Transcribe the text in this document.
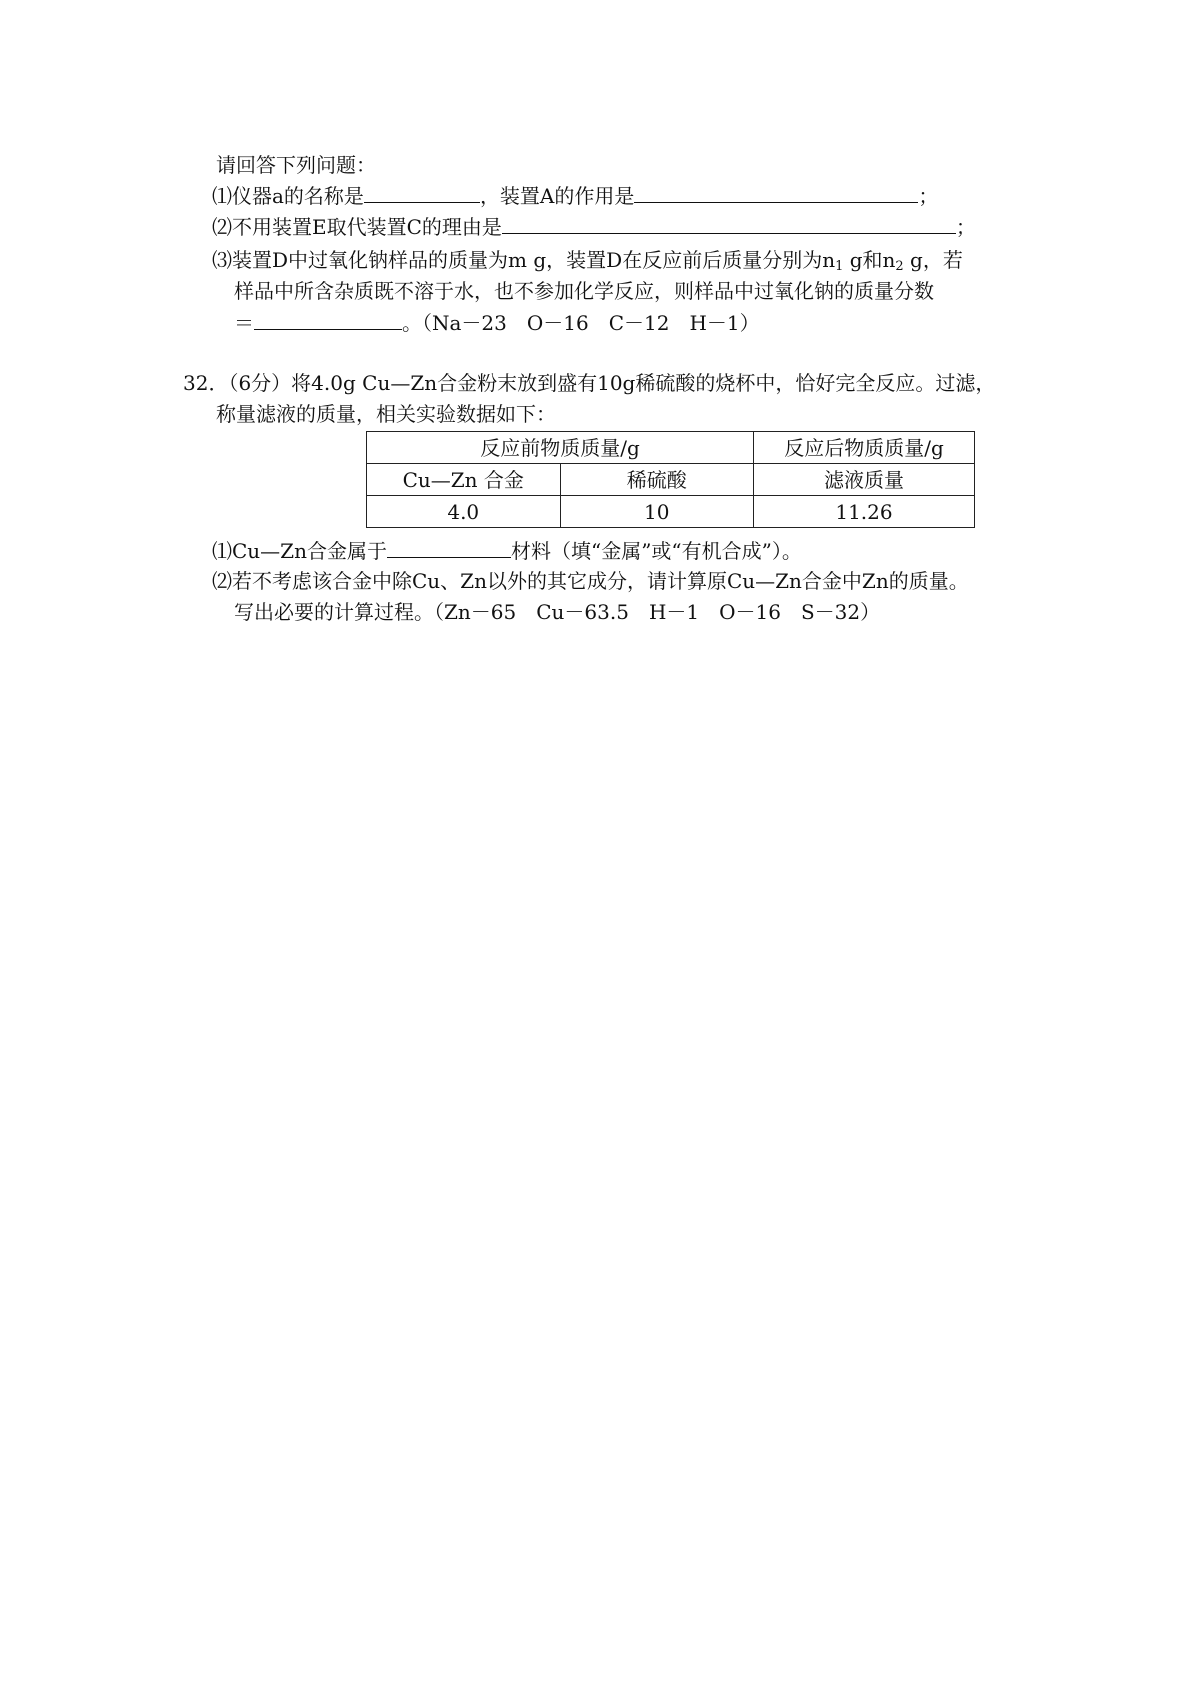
请回答下列问题：
⑴仪器a的名称是	，装置A的作用是	；
⑵不用装置E取代装置C的理由是	；
⑶装置D中过氧化钠样品的质量为m g，装置D在反应前后质量分别为$n_1$ g和$n_2$ g，若
样品中所含杂质既不溶于水，也不参加化学反应，则样品中过氧化钠的质量分数
＝	。（Na－23　O－16　C－12　H－1）
32．（6分）将4.0g Cu—Zn合金粉末放到盛有10g稀硫酸的烧杯中，恰好完全反应。过滤，
称量滤液的质量，相关实验数据如下：
反应前物质质量/g		反应后物质质量/g
Cu—Zn 合金	稀硫酸	滤液质量
4.0	10	11.26
⑴Cu—Zn合金属于	材料（填“金属”或“有机合成”）。
⑵若不考虑该合金中除Cu、Zn以外的其它成分，请计算原Cu—Zn合金中Zn的质量。
写出必要的计算过程。（Zn－65　Cu－63.5　H－1　O－16　S－32）
